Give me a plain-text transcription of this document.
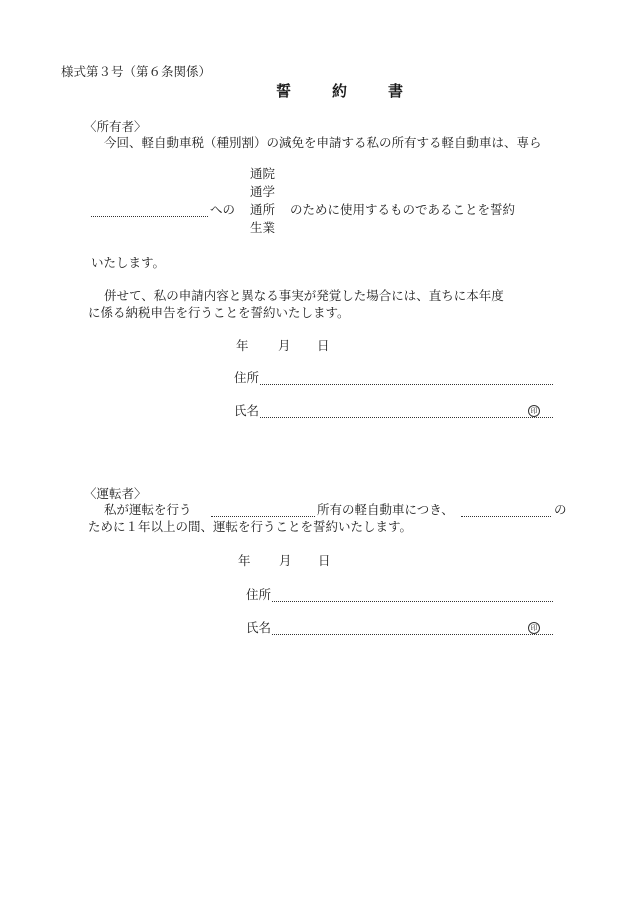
様式第３号（第６条関係）
誓　約　書
〈所有者〉
今回、軽自動車税（種別割）の減免を申請する私の所有する軽自動車は、専ら
通院
通学
通所
生業
への	のために使用するものであることを誓約
いたします。
併せて、私の申請内容と異なる事実が発覚した場合には、直ちに本年度
に係る納税申告を行うことを誓約いたします。
年 月 日
住所
氏名	印
〈運転者〉
私が運転を行う	所有の軽自動車につき、	の
ために１年以上の間、運転を行うことを誓約いたします。
年 月 日
住所
氏名	印
